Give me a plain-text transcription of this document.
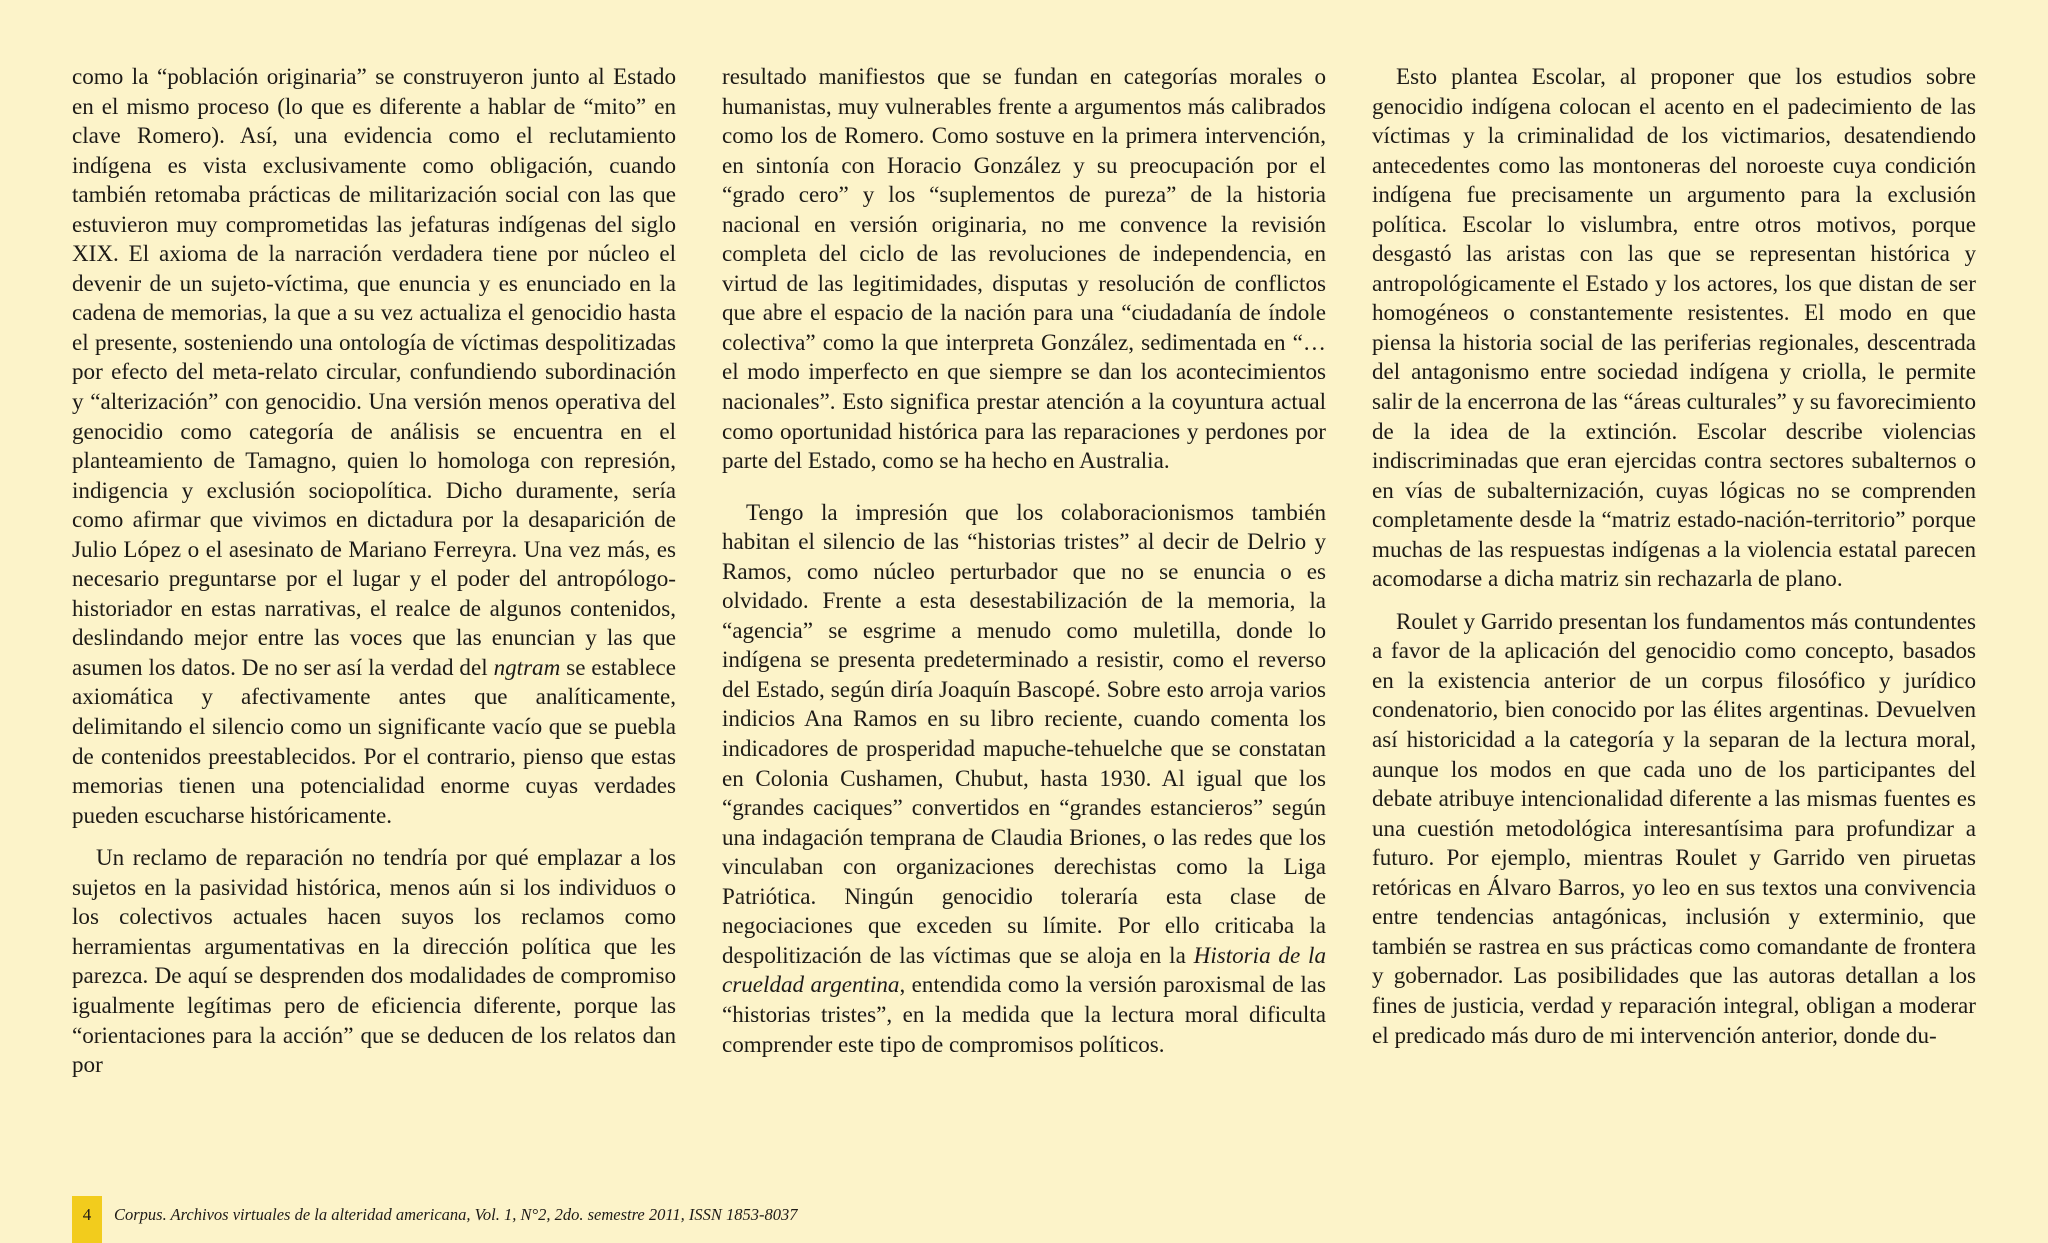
como la “población originaria” se construyeron junto al Estado en el mismo proceso (lo que es diferente a hablar de “mito” en clave Romero). Así, una evidencia como el reclutamiento indígena es vista exclusivamente como obligación, cuando también retomaba prácticas de militarización social con las que estuvieron muy comprometidas las jefaturas indígenas del siglo XIX. El axioma de la narración verdadera tiene por núcleo el devenir de un sujeto-víctima, que enuncia y es enunciado en la cadena de memorias, la que a su vez actualiza el genocidio hasta el presente, sosteniendo una ontología de víctimas despolitizadas por efecto del meta-relato circular, confundiendo subordinación y “alterización” con genocidio. Una versión menos operativa del genocidio como categoría de análisis se encuentra en el planteamiento de Tamagno, quien lo homologa con represión, indigencia y exclusión sociopolítica. Dicho duramente, sería como afirmar que vivimos en dictadura por la desaparición de Julio López o el asesinato de Mariano Ferreyra. Una vez más, es necesario preguntarse por el lugar y el poder del antropólogo-historiador en estas narrativas, el realce de algunos contenidos, deslindando mejor entre las voces que las enuncian y las que asumen los datos. De no ser así la verdad del ngtram se establece axiomática y afectivamente antes que analíticamente, delimitando el silencio como un significante vacío que se puebla de contenidos preestablecidos. Por el contrario, pienso que estas memorias tienen una potencialidad enorme cuyas verdades pueden escucharse históricamente.

Un reclamo de reparación no tendría por qué emplazar a los sujetos en la pasividad histórica, menos aún si los individuos o los colectivos actuales hacen suyos los reclamos como herramientas argumentativas en la dirección política que les parezca. De aquí se desprenden dos modalidades de compromiso igualmente legítimas pero de eficiencia diferente, porque las “orientaciones para la acción” que se deducen de los relatos dan por

resultado manifiestos que se fundan en categorías morales o humanistas, muy vulnerables frente a argumentos más calibrados como los de Romero. Como sostuve en la primera intervención, en sintonía con Horacio González y su preocupación por el “grado cero” y los “suplementos de pureza” de la historia nacional en versión originaria, no me convence la revisión completa del ciclo de las revoluciones de independencia, en virtud de las legitimidades, disputas y resolución de conflictos que abre el espacio de la nación para una “ciudadanía de índole colectiva” como la que interpreta González, sedimentada en “…el modo imperfecto en que siempre se dan los acontecimientos nacionales”. Esto significa prestar atención a la coyuntura actual como oportunidad histórica para las reparaciones y perdones por parte del Estado, como se ha hecho en Australia.

Tengo la impresión que los colaboracionismos también habitan el silencio de las “historias tristes” al decir de Delrio y Ramos, como núcleo perturbador que no se enuncia o es olvidado. Frente a esta desestabilización de la memoria, la “agencia” se esgrime a menudo como muletilla, donde lo indígena se presenta predeterminado a resistir, como el reverso del Estado, según diría Joaquín Bascopé. Sobre esto arroja varios indicios Ana Ramos en su libro reciente, cuando comenta los indicadores de prosperidad mapuche-tehuelche que se constatan en Colonia Cushamen, Chubut, hasta 1930. Al igual que los “grandes caciques” convertidos en “grandes estancieros” según una indagación temprana de Claudia Briones, o las redes que los vinculaban con organizaciones derechistas como la Liga Patriótica. Ningún genocidio toleraría esta clase de negociaciones que exceden su límite. Por ello criticaba la despolitización de las víctimas que se aloja en la Historia de la crueldad argentina, entendida como la versión paroxismal de las “historias tristes”, en la medida que la lectura moral dificulta comprender este tipo de compromisos políticos.

Esto plantea Escolar, al proponer que los estudios sobre genocidio indígena colocan el acento en el padecimiento de las víctimas y la criminalidad de los victimarios, desatendiendo antecedentes como las montoneras del noroeste cuya condición indígena fue precisamente un argumento para la exclusión política. Escolar lo vislumbra, entre otros motivos, porque desgastó las aristas con las que se representan histórica y antropológicamente el Estado y los actores, los que distan de ser homogéneos o constantemente resistentes. El modo en que piensa la historia social de las periferias regionales, descentrada del antagonismo entre sociedad indígena y criolla, le permite salir de la encerrona de las “áreas culturales” y su favorecimiento de la idea de la extinción. Escolar describe violencias indiscriminadas que eran ejercidas contra sectores subalternos o en vías de subalternización, cuyas lógicas no se comprenden completamente desde la “matriz estado-nación-territorio” porque muchas de las respuestas indígenas a la violencia estatal parecen acomodarse a dicha matriz sin rechazarla de plano.

Roulet y Garrido presentan los fundamentos más contundentes a favor de la aplicación del genocidio como concepto, basados en la existencia anterior de un corpus filosófico y jurídico condenatorio, bien conocido por las élites argentinas. Devuelven así historicidad a la categoría y la separan de la lectura moral, aunque los modos en que cada uno de los participantes del debate atribuye intencionalidad diferente a las mismas fuentes es una cuestión metodológica interesantísima para profundizar a futuro. Por ejemplo, mientras Roulet y Garrido ven piruetas retóricas en Álvaro Barros, yo leo en sus textos una convivencia entre tendencias antagónicas, inclusión y exterminio, que también se rastrea en sus prácticas como comandante de frontera y gobernador. Las posibilidades que las autoras detallan a los fines de justicia, verdad y reparación integral, obligan a moderar el predicado más duro de mi intervención anterior, donde du-

4 Corpus. Archivos virtuales de la alteridad americana, Vol. 1, N°2, 2do. semestre 2011, ISSN 1853-8037
